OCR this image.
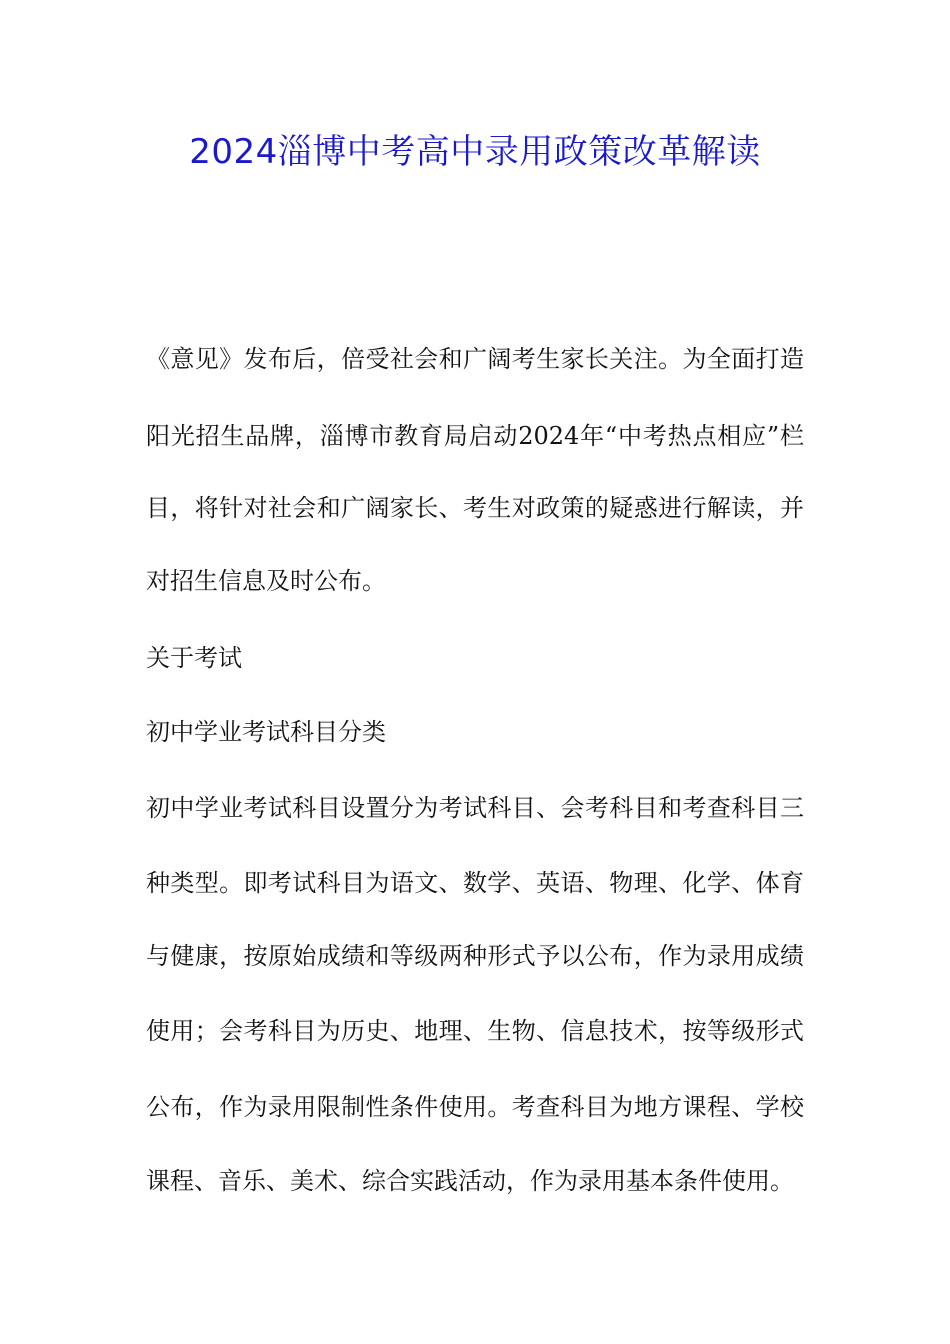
2024淄博中考高中录用政策改革解读
《意见》发布后，倍受社会和广阔考生家长关注。为全面打造
阳光招生品牌，淄博市教育局启动2024年“中考热点相应”栏
目，将针对社会和广阔家长、考生对政策的疑惑进行解读，并
对招生信息及时公布。
关于考试
初中学业考试科目分类
初中学业考试科目设置分为考试科目、会考科目和考查科目三
种类型。即考试科目为语文、数学、英语、物理、化学、体育
与健康，按原始成绩和等级两种形式予以公布，作为录用成绩
使用；会考科目为历史、地理、生物、信息技术，按等级形式
公布，作为录用限制性条件使用。考查科目为地方课程、学校
课程、音乐、美术、综合实践活动，作为录用基本条件使用。
